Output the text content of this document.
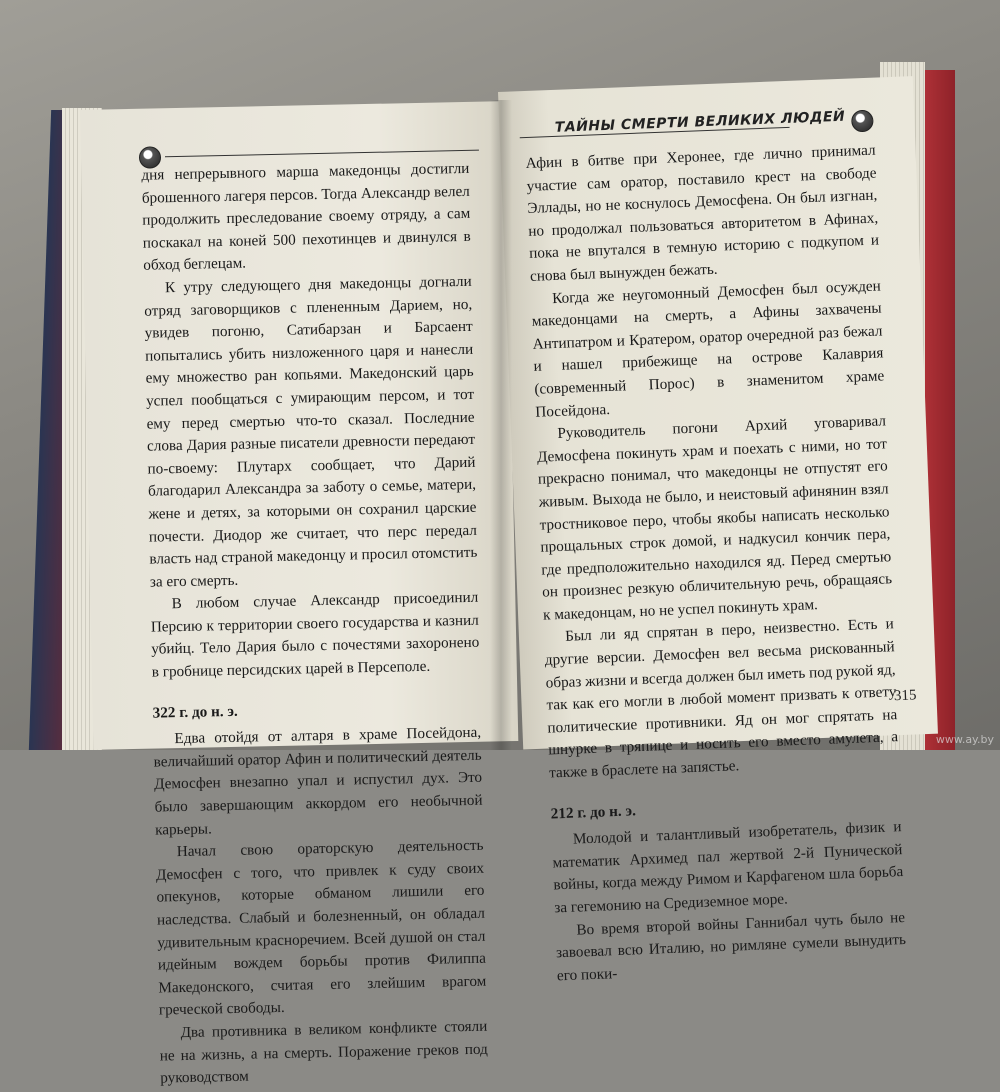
дня непрерывного марша македонцы достигли брошенного лагеря персов. Тогда Александр велел продолжить преследование своему отряду, а сам поскакал на коней 500 пехотинцев и двинулся в обход беглецам.

К утру следующего дня македонцы догнали отряд заговорщиков с плененным Дарием, но, увидев погоню, Сатибарзан и Барсаент попытались убить низложенного царя и нанесли ему множество ран копьями. Македонский царь успел пообщаться с умирающим персом, и тот ему перед смертью что-то сказал. Последние слова Дария разные писатели древности передают по-своему: Плутарх сообщает, что Дарий благодарил Александра за заботу о семье, матери, жене и детях, за которыми он сохранил царские почести. Диодор же считает, что перс передал власть над страной македонцу и просил отомстить за его смерть.

В любом случае Александр присоединил Персию к территории своего государства и казнил убийц. Тело Дария было с почестями захоронено в гробнице персидских царей в Персеполе.

322 г. до н. э.

Едва отойдя от алтаря в храме Посейдона, величайший оратор Афин и политический деятель Демосфен внезапно упал и испустил дух. Это было завершающим аккордом его необычной карьеры.

Начал свою ораторскую деятельность Демосфен с того, что привлек к суду своих опекунов, которые обманом лишили его наследства. Слабый и болезненный, он обладал удивительным красноречием. Всей душой он стал идейным вождем борьбы против Филиппа Македонского, считая его злейшим врагом греческой свободы.

Два противника в великом конфликте стояли не на жизнь, а на смерть. Поражение греков под руководством

ТАЙНЫ СМЕРТИ ВЕЛИКИХ ЛЮДЕЙ

Афин в битве при Херонее, где лично принимал участие сам оратор, поставило крест на свободе Эллады, но не коснулось Демосфена. Он был изгнан, но продолжал пользоваться авторитетом в Афинах, пока не впутался в темную историю с подкупом и снова был вынужден бежать.

Когда же неугомонный Демосфен был осужден македонцами на смерть, а Афины захвачены Антипатром и Кратером, оратор очередной раз бежал и нашел прибежище на острове Калаврия (современный Порос) в знаменитом храме Посейдона.

Руководитель погони Архий уговаривал Демосфена покинуть храм и поехать с ними, но тот прекрасно понимал, что македонцы не отпустят его живым. Выхода не было, и неистовый афинянин взял тростниковое перо, чтобы якобы написать несколько прощальных строк домой, и надкусил кончик пера, где предположительно находился яд. Перед смертью он произнес резкую обличительную речь, обращаясь к македонцам, но не успел покинуть храм.

Был ли яд спрятан в перо, неизвестно. Есть и другие версии. Демосфен вел весьма рискованный образ жизни и всегда должен был иметь под рукой яд, так как его могли в любой момент призвать к ответу политические противники. Яд он мог спрятать на шнурке в тряпице и носить его вместо амулета, а также в браслете на запястье.

212 г. до н. э.

Молодой и талантливый изобретатель, физик и математик Архимед пал жертвой 2-й Пунической войны, когда между Римом и Карфагеном шла борьба за гегемонию на Средиземное море.

Во время второй войны Ганнибал чуть было не завоевал всю Италию, но римляне сумели вынудить его поки-

315
www.ay.by
